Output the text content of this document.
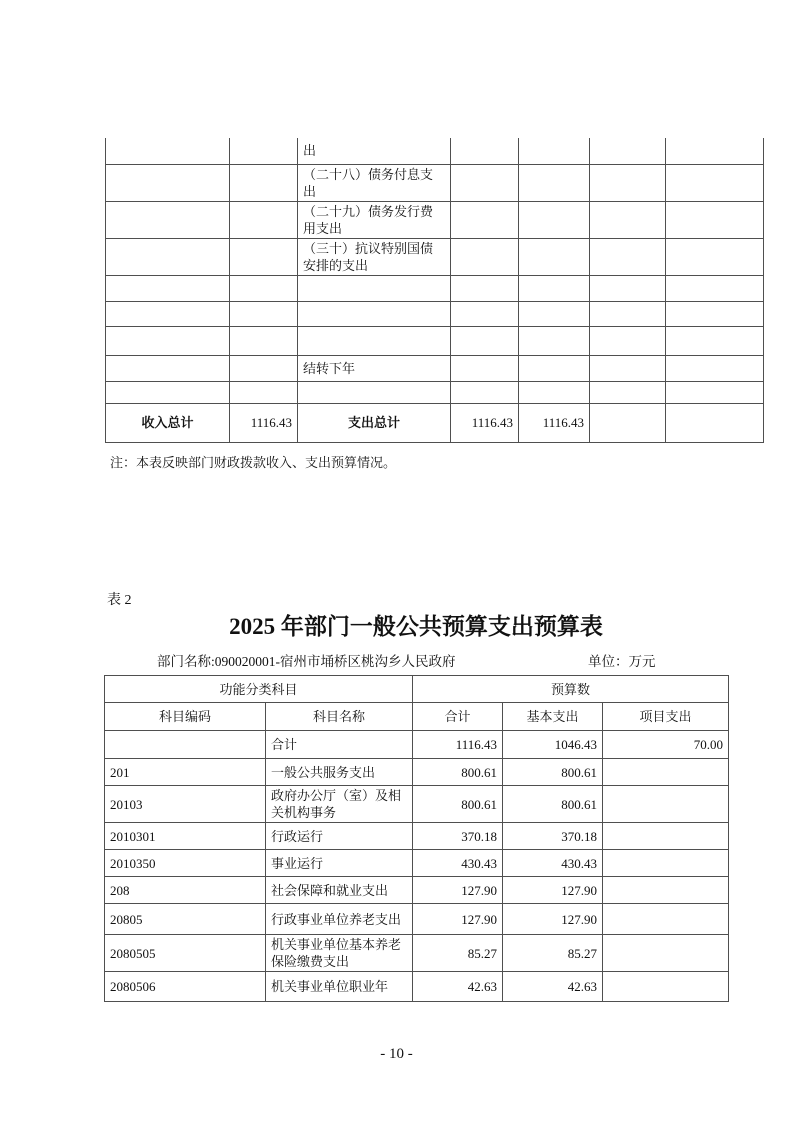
		出				
		（二十八）债务付息支出				
		（二十九）债务发行费用支出				
		（三十）抗议特别国债安排的支出				

		结转下年				

收入总计	1116.43	支出总计	1116.43	1116.43		
注：本表反映部门财政拨款收入、支出预算情况。
表 2
2025 年部门一般公共预算支出预算表
部门名称:090020001-宿州市埇桥区桃沟乡人民政府	单位：万元
功能分类科目		预算数		
科目编码	科目名称	合计	基本支出	项目支出
	合计	1116.43	1046.43	70.00
201	一般公共服务支出	800.61	800.61	
20103	政府办公厅（室）及相关机构事务	800.61	800.61	
2010301	行政运行	370.18	370.18	
2010350	事业运行	430.43	430.43	
208	社会保障和就业支出	127.90	127.90	
20805	行政事业单位养老支出	127.90	127.90	
2080505	机关事业单位基本养老保险缴费支出	85.27	85.27	
2080506	机关事业单位职业年	42.63	42.63	
- 10 -
